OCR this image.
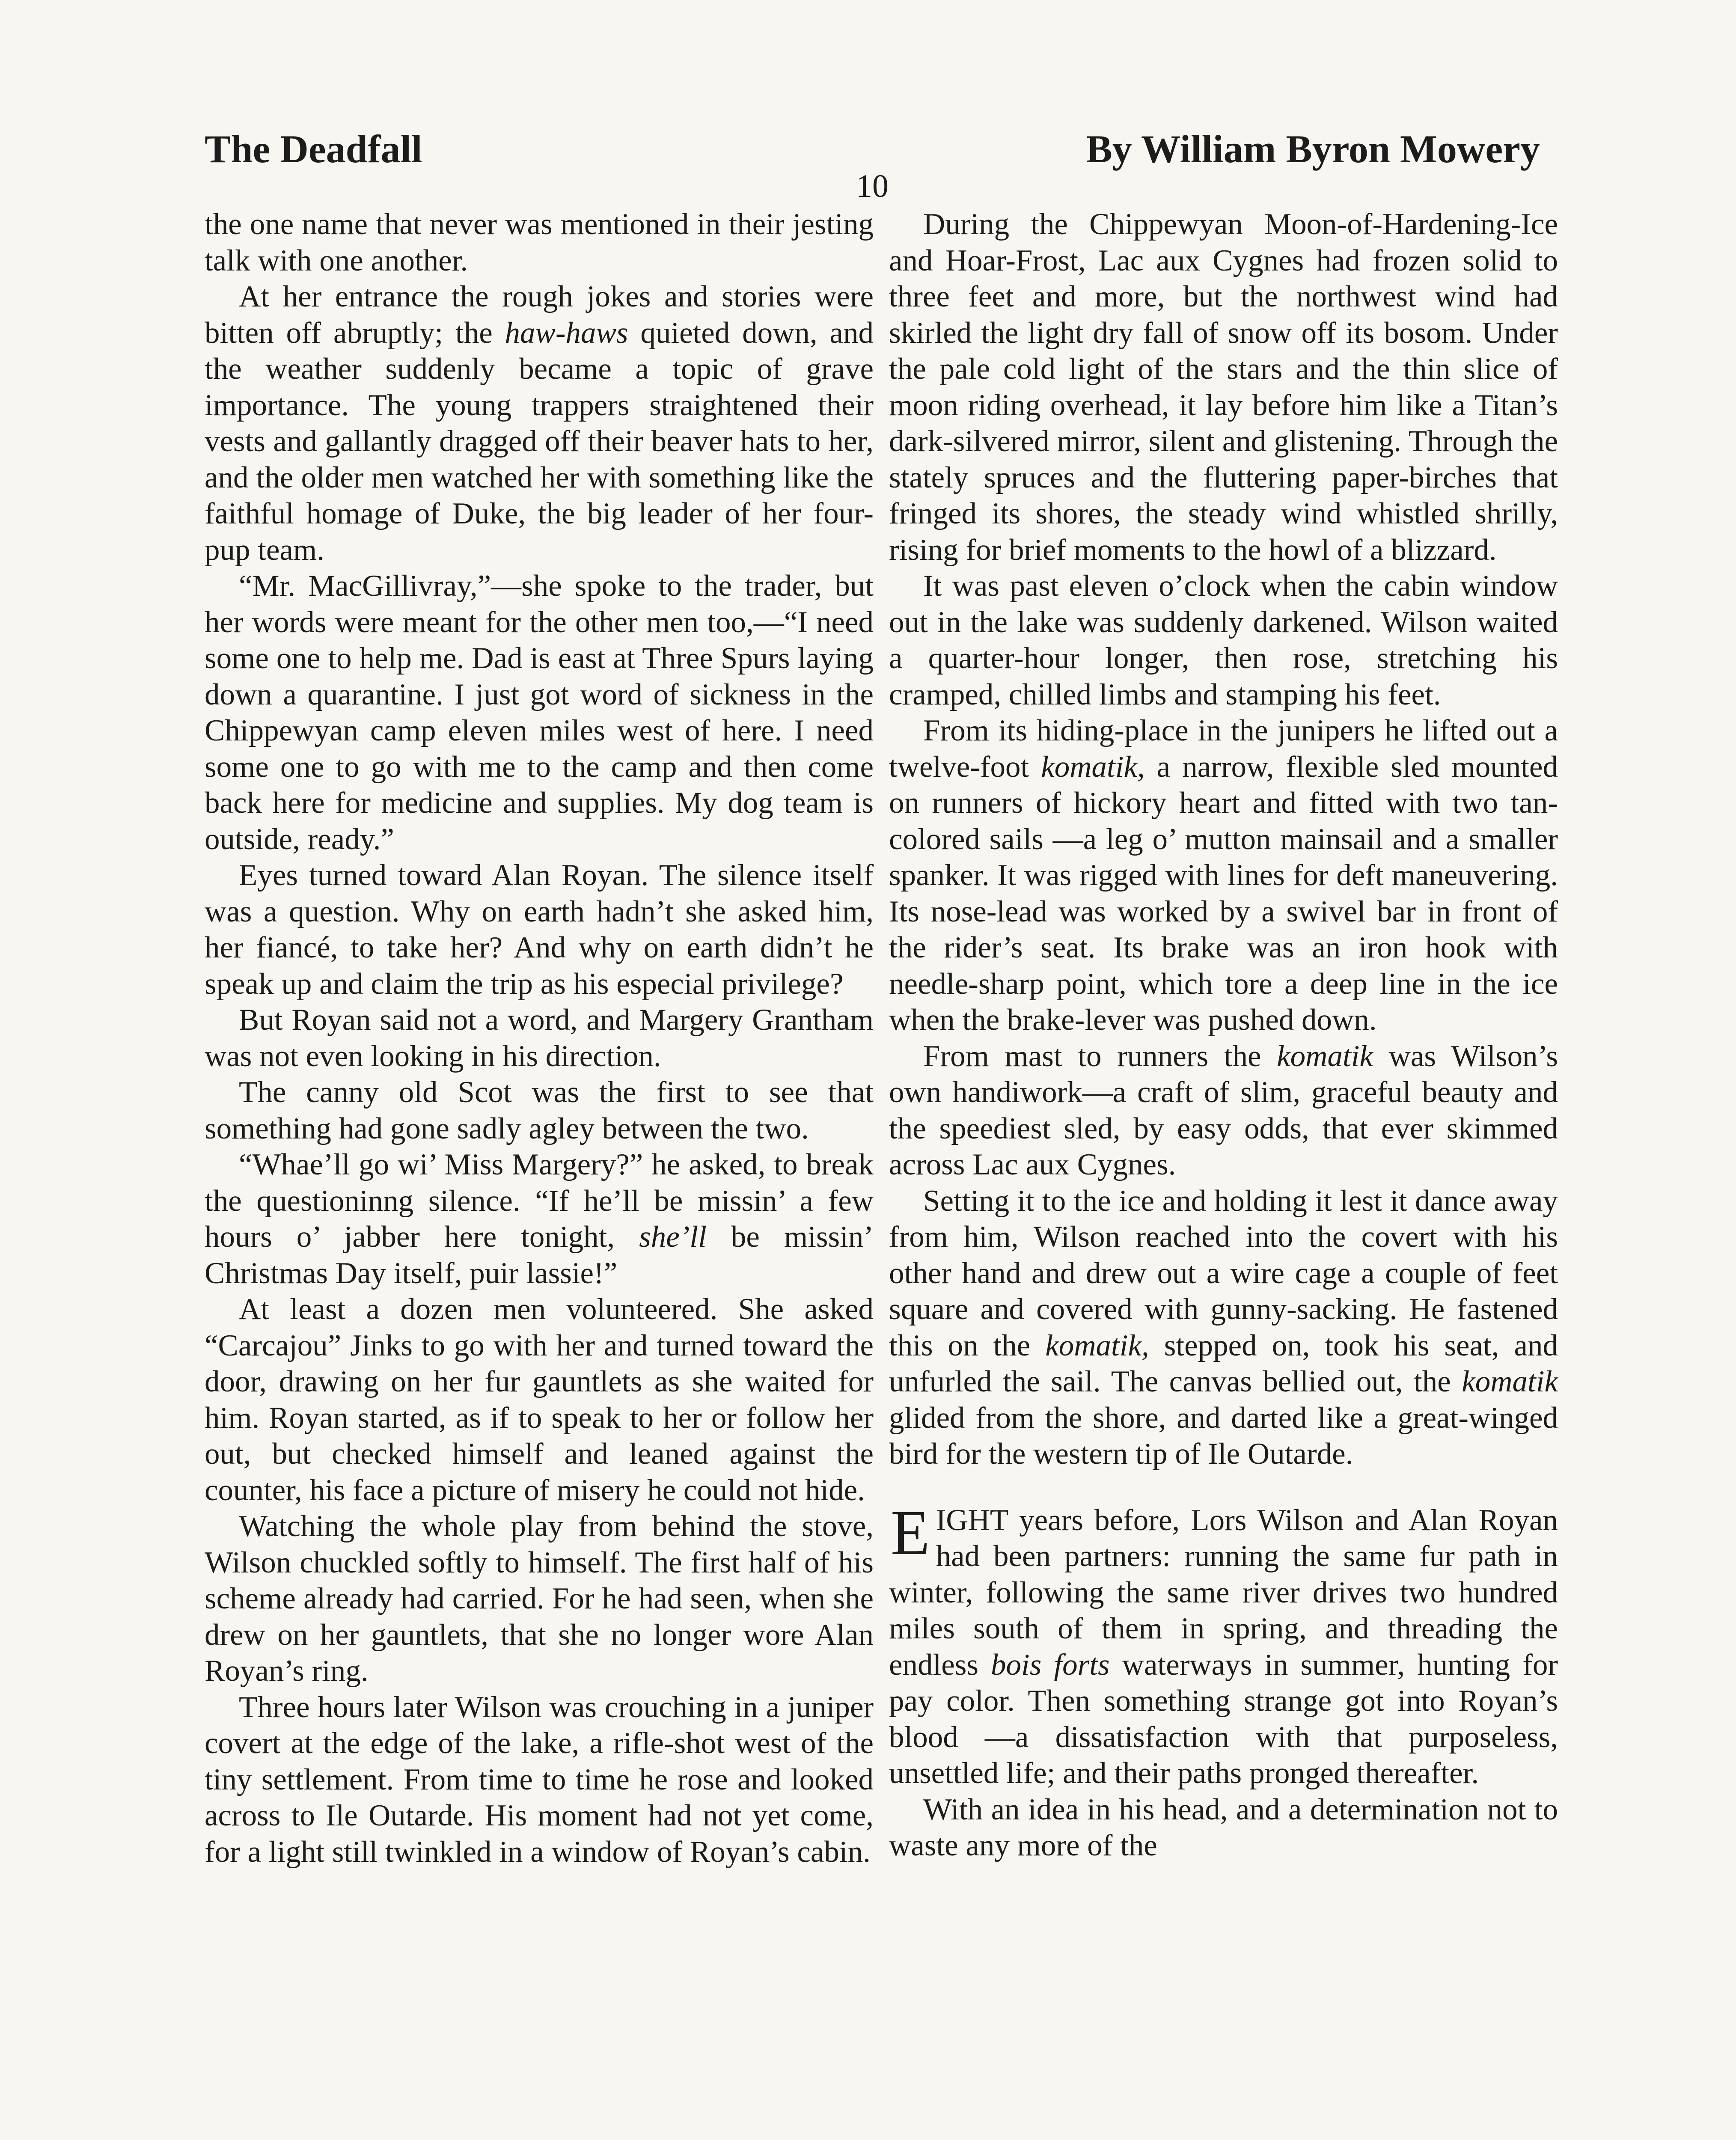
The Deadfall
10
By William Byron Mowery

the one name that never was mentioned in their jesting talk with one another.

At her entrance the rough jokes and stories were bitten off abruptly; the haw-haws quieted down, and the weather suddenly became a topic of grave importance. The young trappers straightened their vests and gallantly dragged off their beaver hats to her, and the older men watched her with something like the faithful homage of Duke, the big leader of her four-pup team.

“Mr. MacGillivray,”—she spoke to the trader, but her words were meant for the other men too,—“I need some one to help me. Dad is east at Three Spurs laying down a quarantine. I just got word of sickness in the Chippewyan camp eleven miles west of here. I need some one to go with me to the camp and then come back here for medicine and supplies. My dog team is outside, ready.”

Eyes turned toward Alan Royan. The silence itself was a question. Why on earth hadn’t she asked him, her fiancé, to take her? And why on earth didn’t he speak up and claim the trip as his especial privilege?

But Royan said not a word, and Margery Grantham was not even looking in his direction.

The canny old Scot was the first to see that something had gone sadly agley between the two.

“Whae’ll go wi’ Miss Margery?” he asked, to break the questioninng silence. “If he’ll be missin’ a few hours o’ jabber here tonight, she’ll be missin’ Christmas Day itself, puir lassie!”

At least a dozen men volunteered. She asked “Carcajou” Jinks to go with her and turned toward the door, drawing on her fur gauntlets as she waited for him. Royan started, as if to speak to her or follow her out, but checked himself and leaned against the counter, his face a picture of misery he could not hide.

Watching the whole play from behind the stove, Wilson chuckled softly to himself. The first half of his scheme already had carried. For he had seen, when she drew on her gauntlets, that she no longer wore Alan Royan’s ring.

Three hours later Wilson was crouching in a juniper covert at the edge of the lake, a rifle-shot west of the tiny settlement. From time to time he rose and looked across to Ile Outarde. His moment had not yet come, for a light still twinkled in a window of Royan’s cabin.

During the Chippewyan Moon-of-Hardening-Ice and Hoar-Frost, Lac aux Cygnes had frozen solid to three feet and more, but the northwest wind had skirled the light dry fall of snow off its bosom. Under the pale cold light of the stars and the thin slice of moon riding overhead, it lay before him like a Titan’s dark-silvered mirror, silent and glistening. Through the stately spruces and the fluttering paper-birches that fringed its shores, the steady wind whistled shrilly, rising for brief moments to the howl of a blizzard.

It was past eleven o’clock when the cabin window out in the lake was suddenly darkened. Wilson waited a quarter-hour longer, then rose, stretching his cramped, chilled limbs and stamping his feet.

From its hiding-place in the junipers he lifted out a twelve-foot komatik, a narrow, flexible sled mounted on runners of hickory heart and fitted with two tan-colored sails —a leg o’ mutton mainsail and a smaller spanker. It was rigged with lines for deft maneuvering. Its nose-lead was worked by a swivel bar in front of the rider’s seat. Its brake was an iron hook with needle-sharp point, which tore a deep line in the ice when the brake-lever was pushed down.

From mast to runners the komatik was Wilson’s own handiwork—a craft of slim, graceful beauty and the speediest sled, by easy odds, that ever skimmed across Lac aux Cygnes.

Setting it to the ice and holding it lest it dance away from him, Wilson reached into the covert with his other hand and drew out a wire cage a couple of feet square and covered with gunny-sacking. He fastened this on the komatik, stepped on, took his seat, and unfurled the sail. The canvas bellied out, the komatik glided from the shore, and darted like a great-winged bird for the western tip of Ile Outarde.

EIGHT years before, Lors Wilson and Alan Royan had been partners: running the same fur path in winter, following the same river drives two hundred miles south of them in spring, and threading the endless bois forts waterways in summer, hunting for pay color. Then something strange got into Royan’s blood —a dissatisfaction with that purposeless, unsettled life; and their paths pronged thereafter.

With an idea in his head, and a determination not to waste any more of the
